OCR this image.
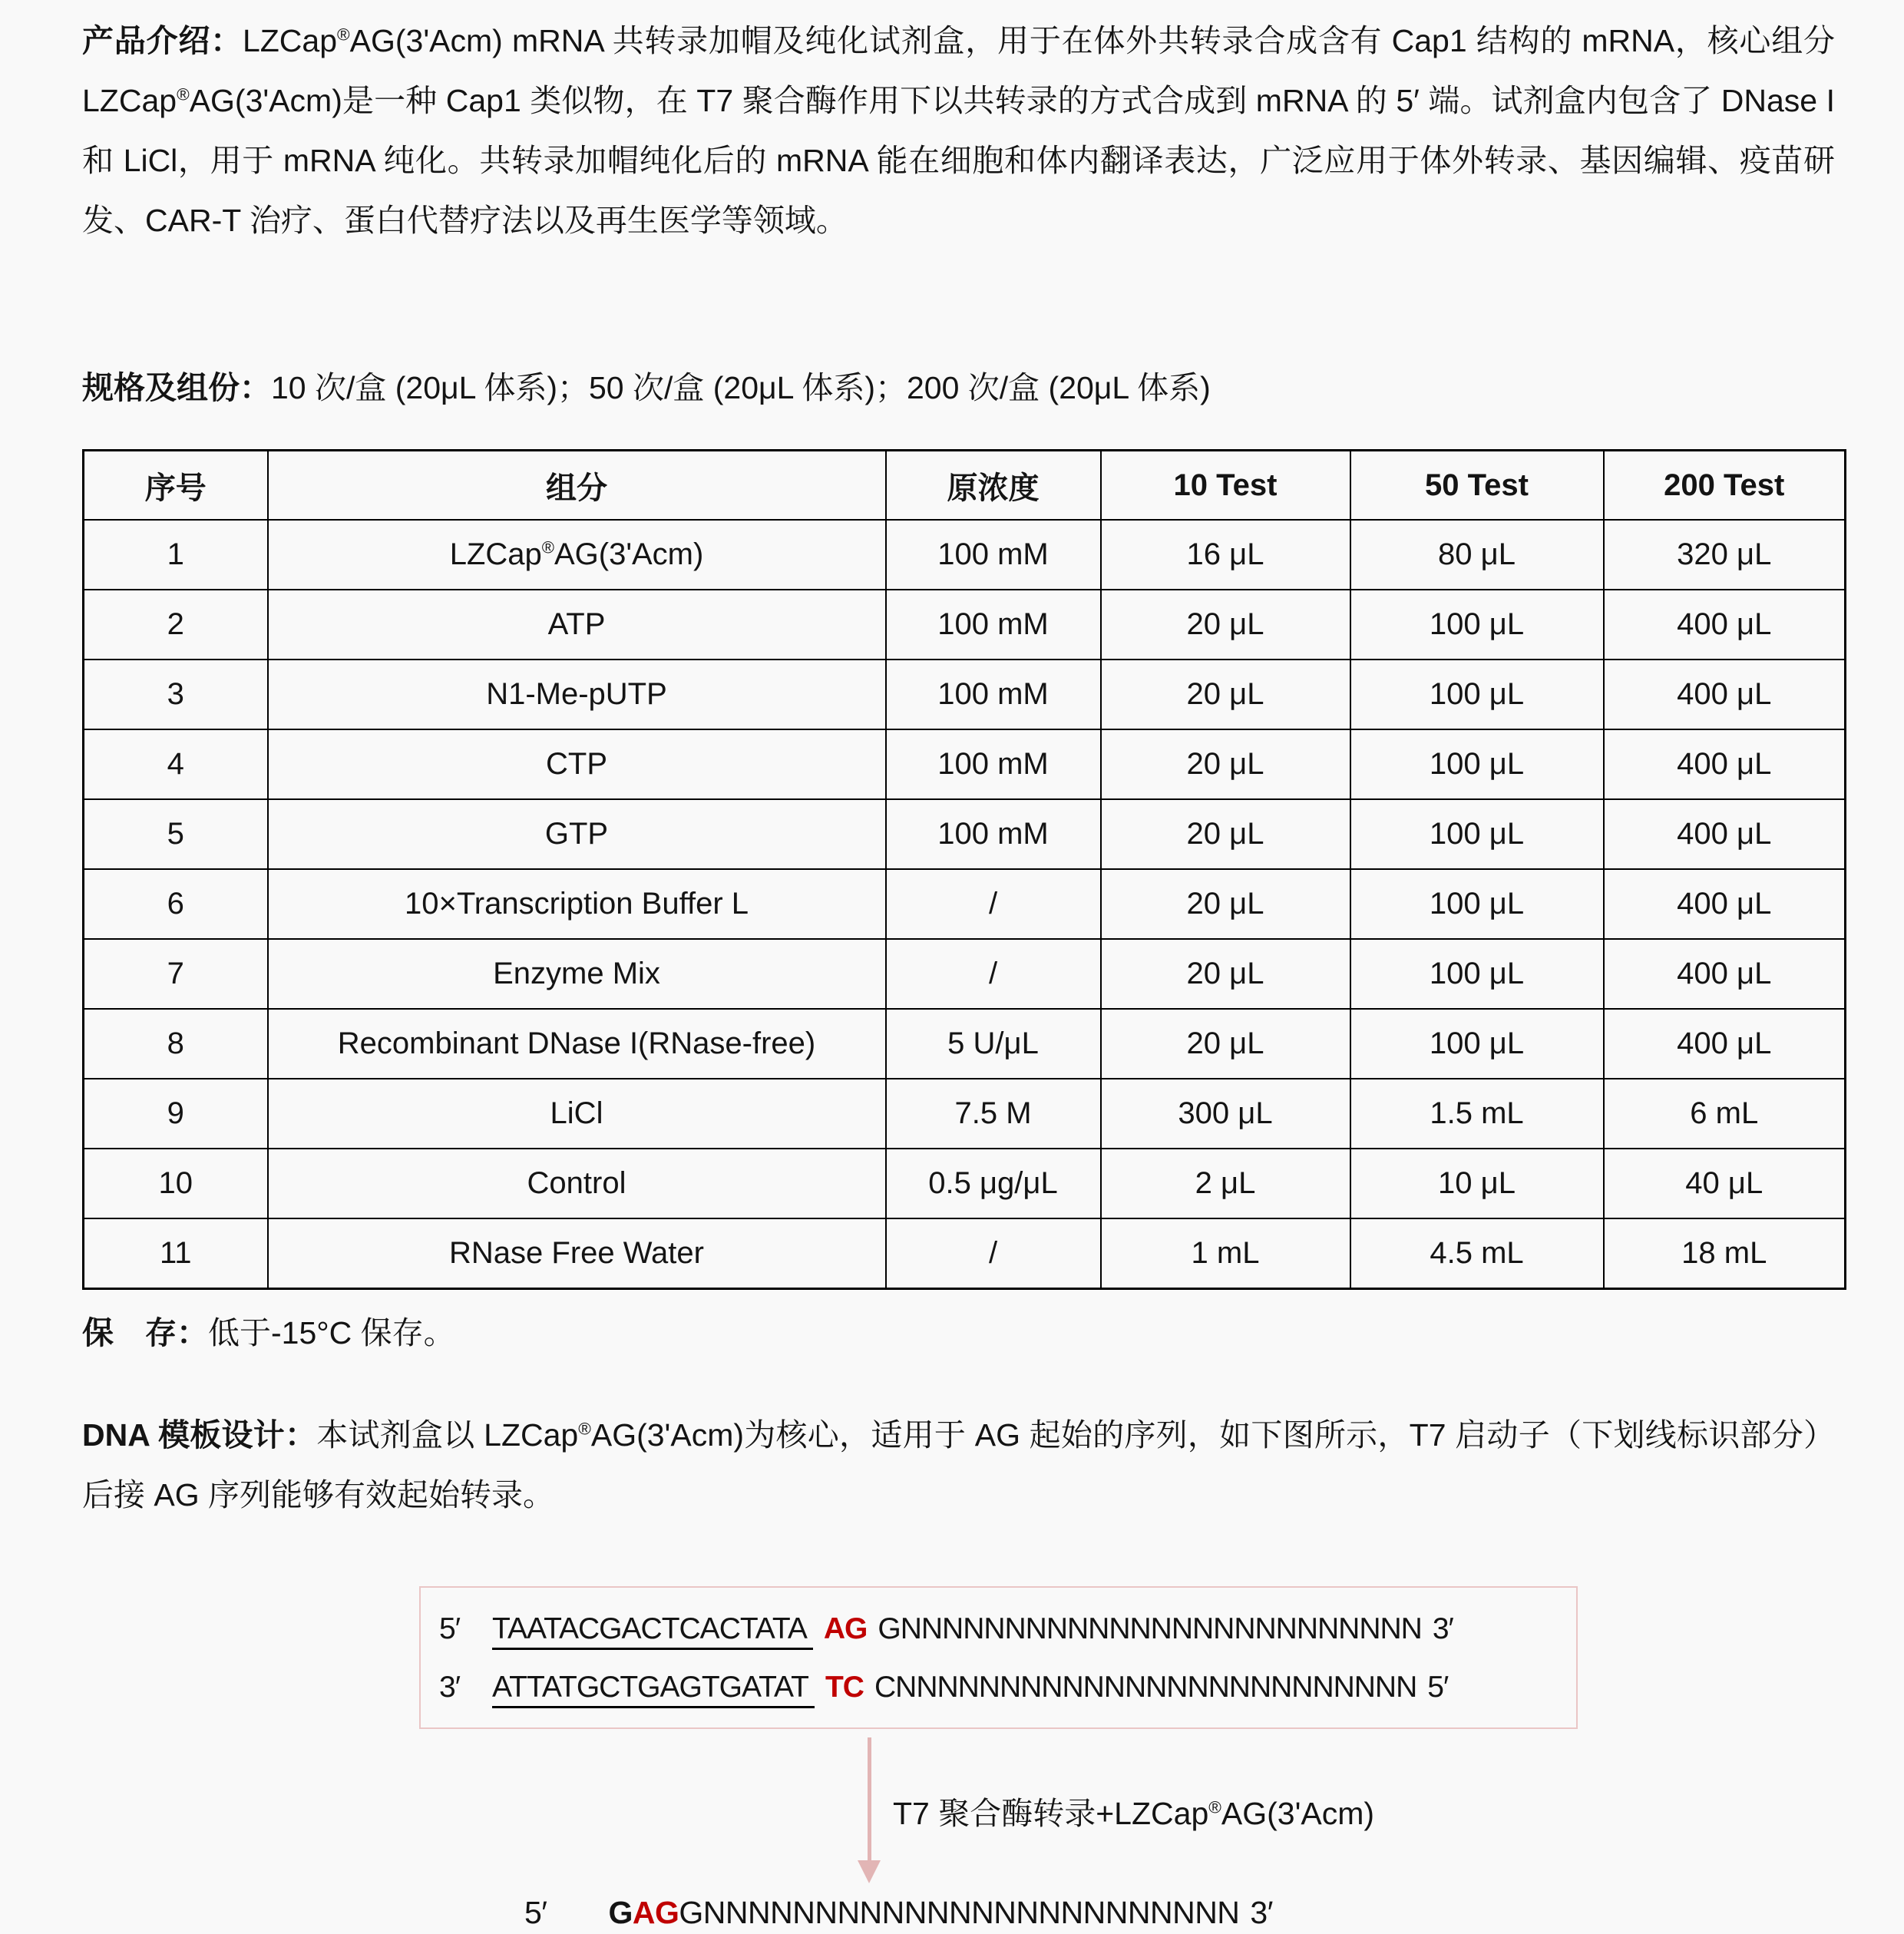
产品介绍：LZCap®AG(3'Acm) mRNA 共转录加帽及纯化试剂盒，用于在体外共转录合成含有 Cap1 结构的 mRNA，核心组分 LZCap®AG(3'Acm)是一种 Cap1 类似物，在 T7 聚合酶作用下以共转录的方式合成到 mRNA 的 5′ 端。试剂盒内包含了 DNase I 和 LiCl，用于 mRNA 纯化。共转录加帽纯化后的 mRNA 能在细胞和体内翻译表达，广泛应用于体外转录、基因编辑、疫苗研发、CAR-T 治疗、蛋白代替疗法以及再生医学等领域。

规格及组份：10 次/盒 (20μL 体系)；50 次/盒 (20μL 体系)；200 次/盒 (20μL 体系)

序号	组分	原浓度	10 Test	50 Test	200 Test
1	LZCap®AG(3'Acm)	100 mM	16 μL	80 μL	320 μL
2	ATP	100 mM	20 μL	100 μL	400 μL
3	N1-Me-pUTP	100 mM	20 μL	100 μL	400 μL
4	CTP	100 mM	20 μL	100 μL	400 μL
5	GTP	100 mM	20 μL	100 μL	400 μL
6	10×Transcription Buffer L	/	20 μL	100 μL	400 μL
7	Enzyme Mix	/	20 μL	100 μL	400 μL
8	Recombinant DNase I(RNase-free)	5 U/μL	20 μL	100 μL	400 μL
9	LiCl	7.5 M	300 μL	1.5 mL	6 mL
10	Control	0.5 μg/μL	2 μL	10 μL	40 μL
11	RNase Free Water	/	1 mL	4.5 mL	18 mL

保　存：低于-15°C 保存。

DNA 模板设计：本试剂盒以 LZCap®AG(3'Acm)为核心，适用于 AG 起始的序列，如下图所示，T7 启动子（下划线标识部分）后接 AG 序列能够有效起始转录。

5′ TAATACGACTCACTATA AG GNNNNNNNNNNNNNNNNNNNNNNNNN 3′
3′ ATTATGCTGAGTGATAT TC CNNNNNNNNNNNNNNNNNNNNNNNNN 5′
T7 聚合酶转录+LZCap®AG(3'Acm)
5′ GAGGNNNNNNNNNNNNNNNNNNNNNNNN 3′
